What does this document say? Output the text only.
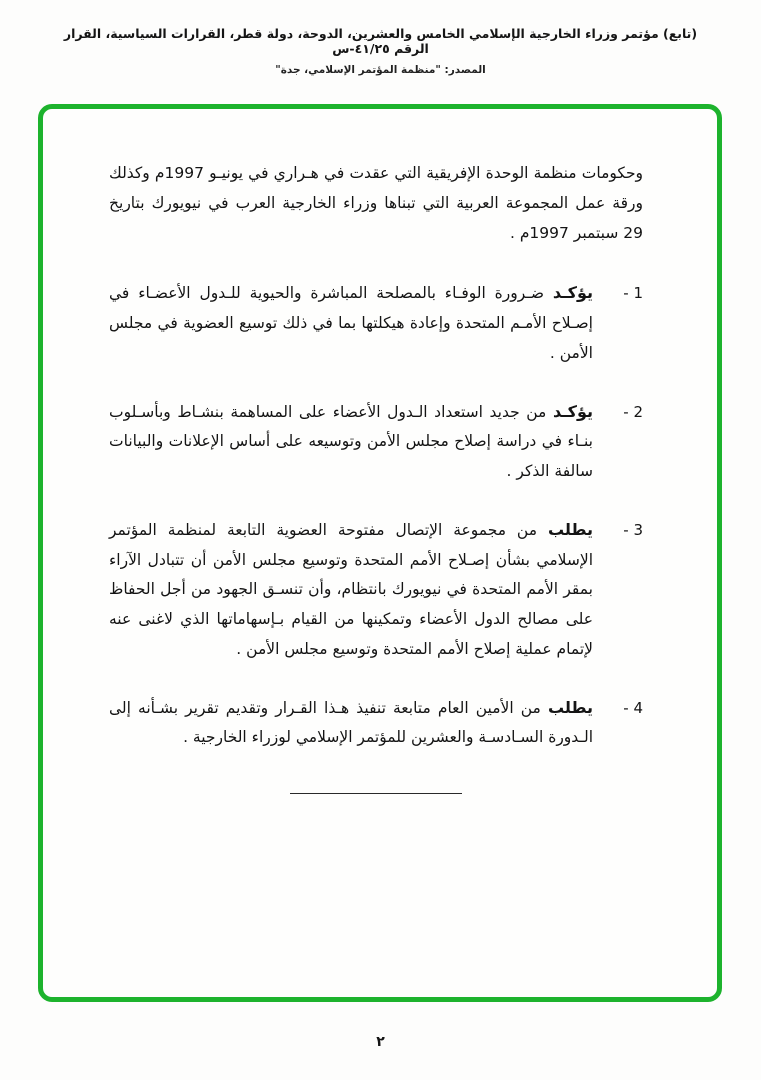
(تابع) مؤتمر وزراء الخارجية الإسلامي الخامس والعشرين، الدوحة، دولة قطر، القرارات السياسية، القرار الرقم ٤١/٢٥-س
المصدر: "منظمة المؤتمر الإسلامي، جدة"

وحكومات منظمة الوحدة الإفريقية التي عقدت في هـراري في يونيـو 1997م وكذلك ورقة عمل المجموعة العربية التي تبناها وزراء الخارجية العرب في نيويورك بتاريخ 29 سبتمبر 1997م .

1 -
يؤكـد ضـرورة الوفـاء بالمصلحة المباشرة والحيوية للـدول الأعضـاء في إصـلاح الأمـم المتحدة وإعادة هيكلتها بما في ذلك توسيع العضوية في مجلس الأمن .
2 -
يؤكـد من جديد استعداد الـدول الأعضاء على المساهمة بنشـاط وبأسـلوب بنـاء في دراسة إصلاح مجلس الأمن وتوسيعه على أساس الإعلانات والبيانات سالفة الذكر .
3 -
يطلب من مجموعة الإتصال مفتوحة العضوية التابعة لمنظمة المؤتمر الإسلامي بشأن إصـلاح الأمم المتحدة وتوسيع مجلس الأمن أن تتبادل الآراء بمقر الأمم المتحدة في نيويورك بانتظام، وأن تنسـق الجهود من أجل الحفاظ على مصالح الدول الأعضاء وتمكينها من القيام بـإسهاماتها الذي لاغنى عنه لإتمام عملية إصلاح الأمم المتحدة وتوسيع مجلس الأمن .
4 -
يطلب من الأمين العام متابعة تنفيذ هـذا القـرار وتقديم تقرير بشـأنه إلى الـدورة السـادسـة والعشرين للمؤتمر الإسلامي لوزراء الخارجية .
٢
